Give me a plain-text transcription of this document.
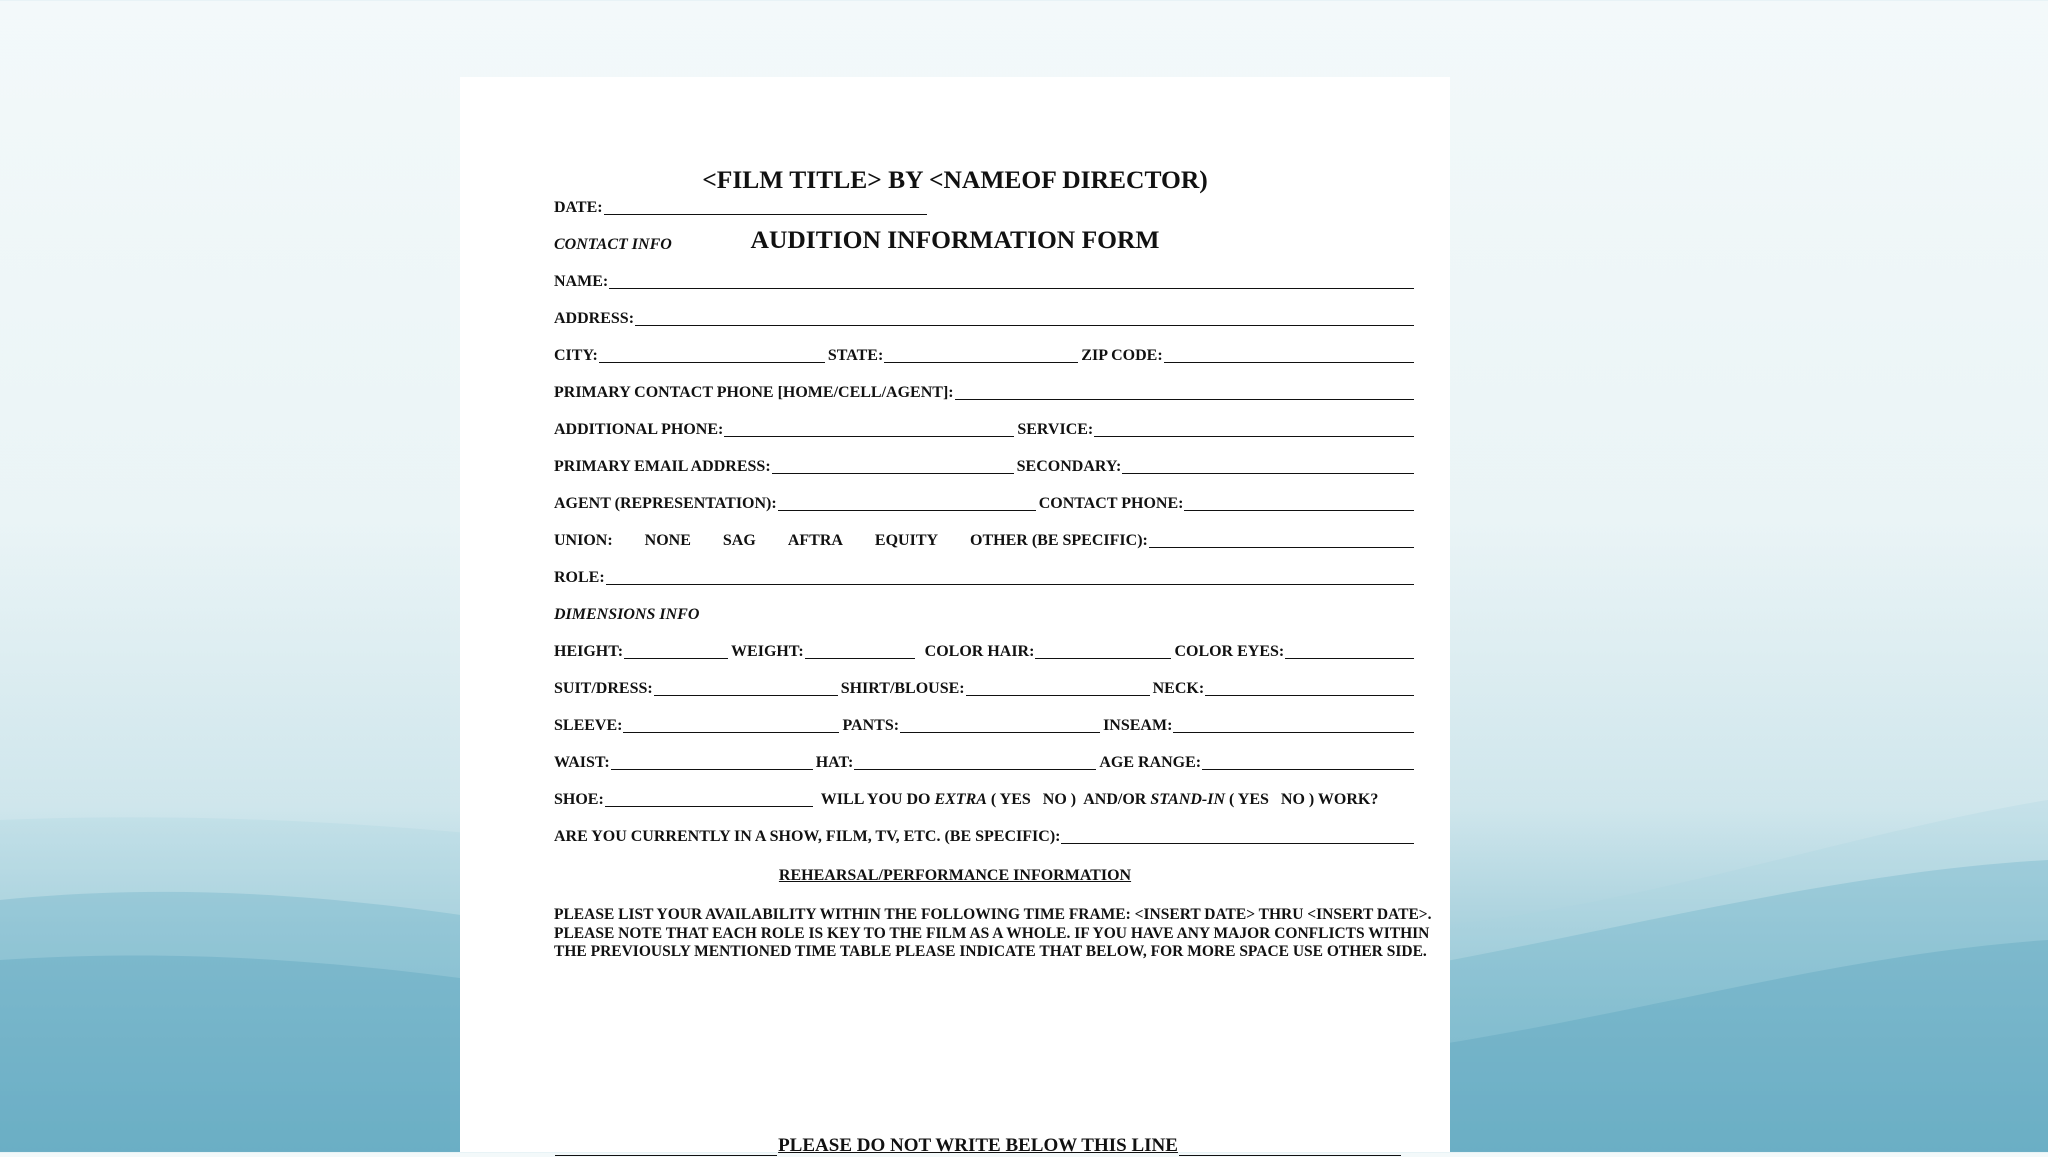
<FILM TITLE> BY <NAMEOF DIRECTOR)
AUDITION INFORMATION FORM
DATE:
CONTACT INFO
NAME:
ADDRESS:
CITY:	STATE:	ZIP CODE:
PRIMARY CONTACT PHONE [HOME/CELL/AGENT]:
ADDITIONAL PHONE:	SERVICE:
PRIMARY EMAIL ADDRESS:	SECONDARY:
AGENT (REPRESENTATION):	CONTACT PHONE:
UNION: NONE SAG AFTRA EQUITY OTHER (BE SPECIFIC):
ROLE:
DIMENSIONS INFO
HEIGHT:	WEIGHT:	COLOR HAIR:	COLOR EYES:
SUIT/DRESS:	SHIRT/BLOUSE:	NECK:
SLEEVE:	PANTS:	INSEAM:
WAIST:	HAT:	AGE RANGE:
SHOE:	WILL YOU DO EXTRA ( YES   NO )  AND/OR STAND-IN ( YES   NO ) WORK?
ARE YOU CURRENTLY IN A SHOW, FILM, TV, ETC. (BE SPECIFIC):
REHEARSAL/PERFORMANCE INFORMATION
PLEASE LIST YOUR AVAILABILITY WITHIN THE FOLLOWING TIME FRAME: <INSERT DATE> THRU <INSERT DATE>. PLEASE NOTE THAT EACH ROLE IS KEY TO THE FILM AS A WHOLE. IF YOU HAVE ANY MAJOR CONFLICTS WITHIN THE PREVIOUSLY MENTIONED TIME TABLE PLEASE INDICATE THAT BELOW, FOR MORE SPACE USE OTHER SIDE.
PLEASE DO NOT WRITE BELOW THIS LINE
